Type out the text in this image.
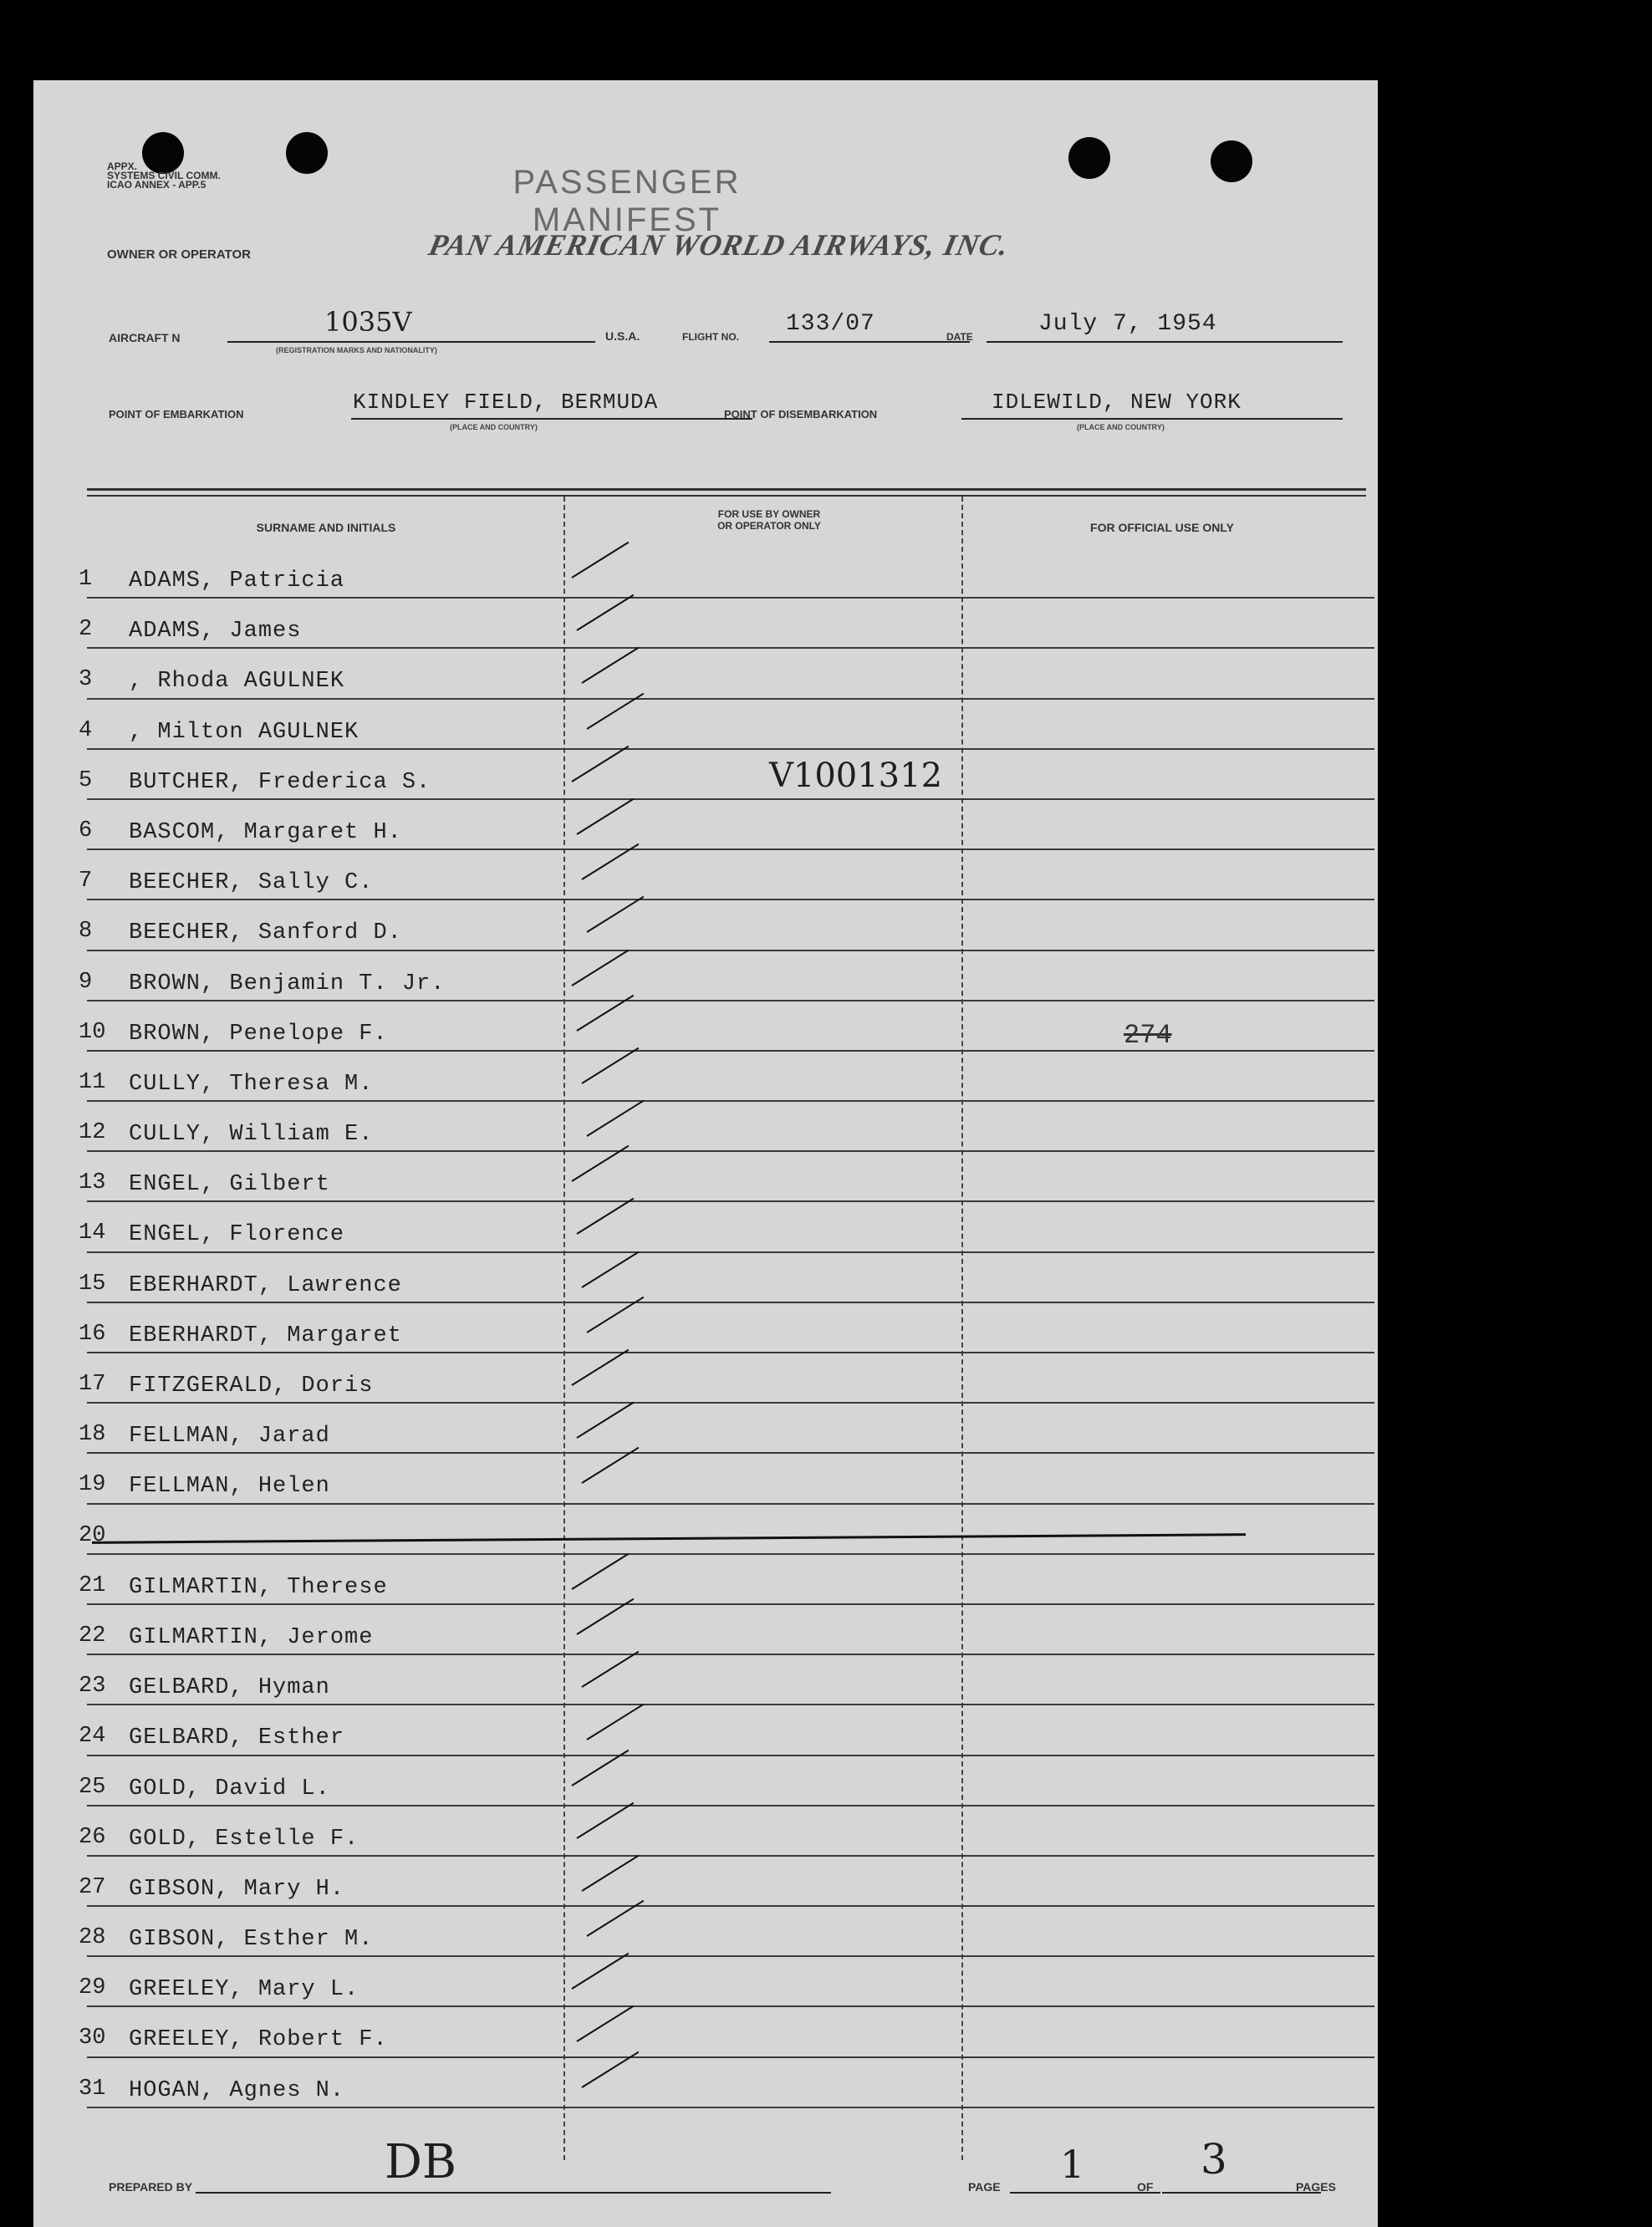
APPX.
SYSTEMS CIVIL COMM.
ICAO ANNEX - APP.5	PASSENGER MANIFEST
OWNER OR OPERATOR	PAN AMERICAN WORLD AIRWAYS, INC.
AIRCRAFT N	1035V
(REGISTRATION MARKS AND NATIONALITY)
U.S.A.	FLIGHT NO. 133/07	DATE	July 7, 1954
POINT OF EMBARKATION	KINDLEY FIELD, BERMUDA
(PLACE AND COUNTRY)
POINT OF DISEMBARKATION	IDLEWILD, NEW YORK
(PLACE AND COUNTRY)
SURNAME AND INITIALS
FOR USE BY OWNER
OR OPERATOR ONLY	FOR OFFICIAL USE ONLY
1	ADAMS, Patricia
2	ADAMS, James
3	, Rhoda AGULNEK
4	, Milton AGULNEK
5	BUTCHER, Frederica S.	V1001312
6	BASCOM, Margaret H.
7	BEECHER, Sally C.
8	BEECHER, Sanford D.
9	BROWN, Benjamin T. Jr.
10	BROWN, Penelope F.	274
11	CULLY, Theresa M.
12	CULLY, William E.
13	ENGEL, Gilbert
14	ENGEL, Florence
15	EBERHARDT, Lawrence
16	EBERHARDT, Margaret
17	FITZGERALD, Doris
18	FELLMAN, Jarad
19	FELLMAN, Helen
20
21	GILMARTIN, Therese
22	GILMARTIN, Jerome
23	GELBARD, Hyman
24	GELBARD, Esther
25	GOLD, David L.
26	GOLD, Estelle F.
27	GIBSON, Mary H.
28	GIBSON, Esther M.
29	GREELEY, Mary L.
30	GREELEY, Robert F.
31	HOGAN, Agnes N.
PREPARED BY	DB	PAGE 1	OF
3
PAGES
